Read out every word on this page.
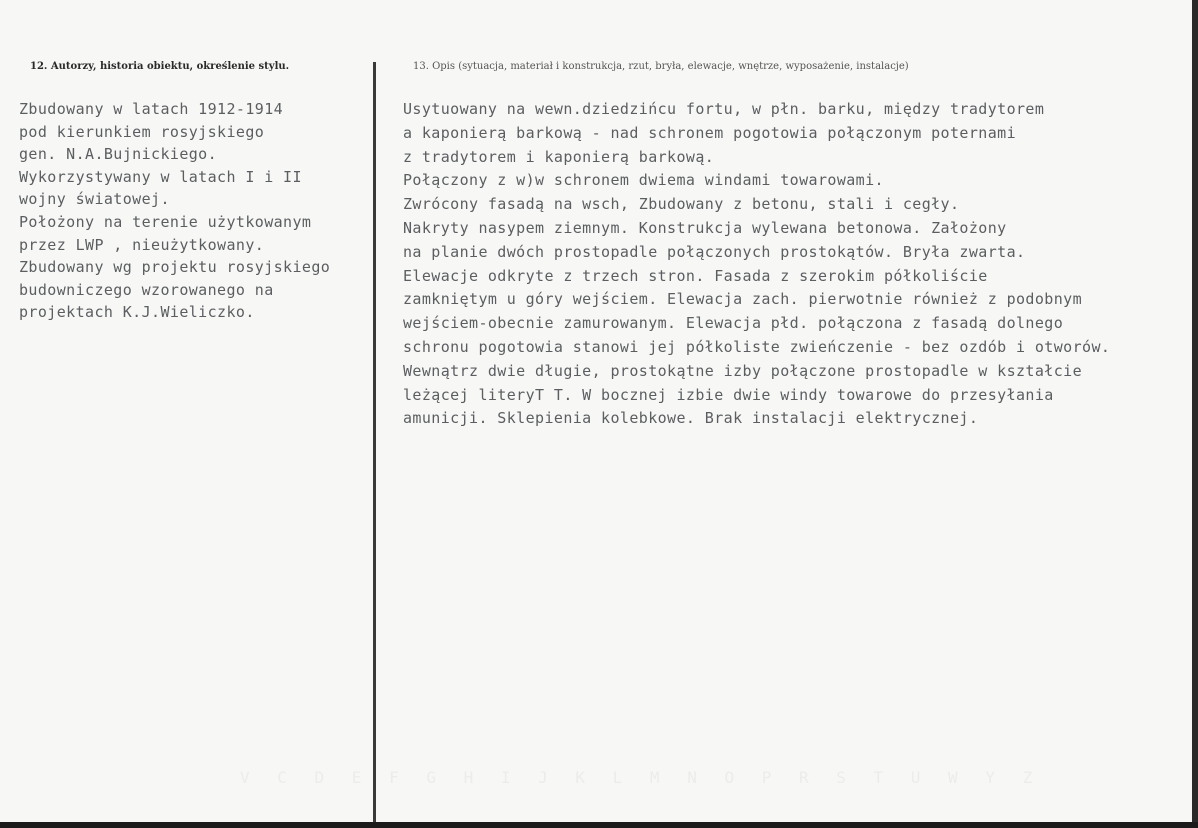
12. Autorzy, historia obiektu, określenie stylu.	13. Opis (sytuacja, materiał i konstrukcja, rzut, bryła, elewacje, wnętrze, wyposażenie, instalacje)
Zbudowany w latach 1912-1914
pod kierunkiem rosyjskiego
gen. N.A.Bujnickiego.
Wykorzystywany w latach I i II
wojny światowej.
Położony na terenie użytkowanym
przez LWP , nieużytkowany.
Zbudowany wg projektu rosyjskiego
budowniczego wzorowanego na
projektach K.J.Wieliczko.
Usytuowany na wewn.dziedzińcu fortu, w płn. barku, między tradytorem
a kaponierą barkową - nad schronem pogotowia połączonym poternami
z tradytorem i kaponierą barkową.
Połączony z w)w schronem dwiema windami towarowami.
Zwrócony fasadą na wsch, Zbudowany z betonu, stali i cegły.
Nakryty nasypem ziemnym. Konstrukcja wylewana betonowa. Założony
na planie dwóch prostopadle połączonych prostokątów. Bryła zwarta.
Elewacje odkryte z trzech stron. Fasada z szerokim półkoliście
zamkniętym u góry wejściem. Elewacja zach. pierwotnie również z podobnym
wejściem-obecnie zamurowanym. Elewacja płd. połączona z fasadą dolnego
schronu pogotowia stanowi jej półkoliste zwieńczenie - bez ozdób i otworów.
Wewnątrz dwie długie, prostokątne izby połączone prostopadle w kształcie
leżącej literyT T. W bocznej izbie dwie windy towarowe do przesyłania
amunicji. Sklepienia kolebkowe. Brak instalacji elektrycznej.
V C D E F G H I J K L M N O P R S T U W Y Z
